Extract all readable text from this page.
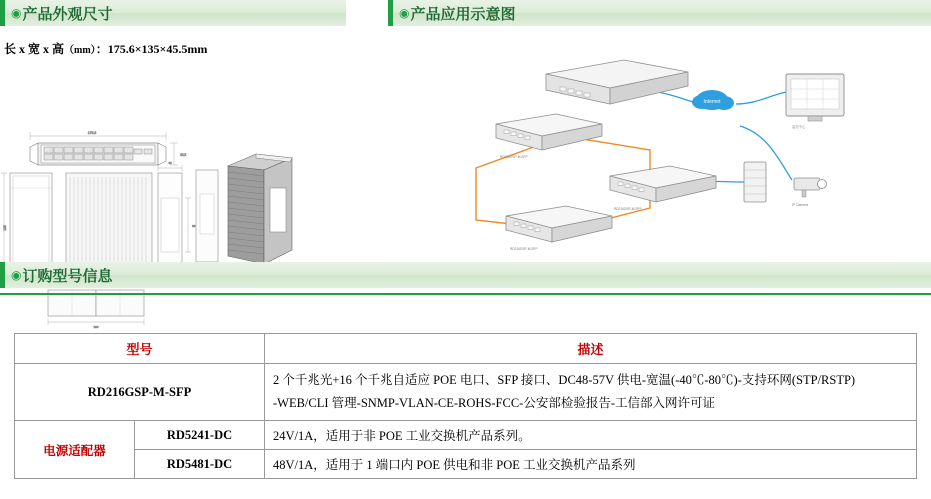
◉ 产品外观尺寸	◉ 产品应用示意图
长 x 宽 x 高（mm）：175.6×135×45.5mm
175.6
45.5
135
45
66
160
RD216GSP-M-SFP
RD216GSP-M-SFP
RD216GSP-M-SFP
Internet
监控中心
IP Camera
◉ 订购型号信息
型号		描述
RD216GSP-M-SFP		2 个千兆光+16 个千兆自适应 POE 电口、SFP 接口、DC48-57V 供电-宽温(-40℃-80℃)-支持环网(STP/RSTP)
-WEB/CLI 管理-SNMP-VLAN-CE-ROHS-FCC-公安部检验报告-工信部入网许可证

电源适配器	RD5241-DC	24V/1A，适用于非 POE 工业交换机产品系列。
	RD5481-DC	48V/1A，适用于 1 端口内 POE 供电和非 POE 工业交换机产品系列
